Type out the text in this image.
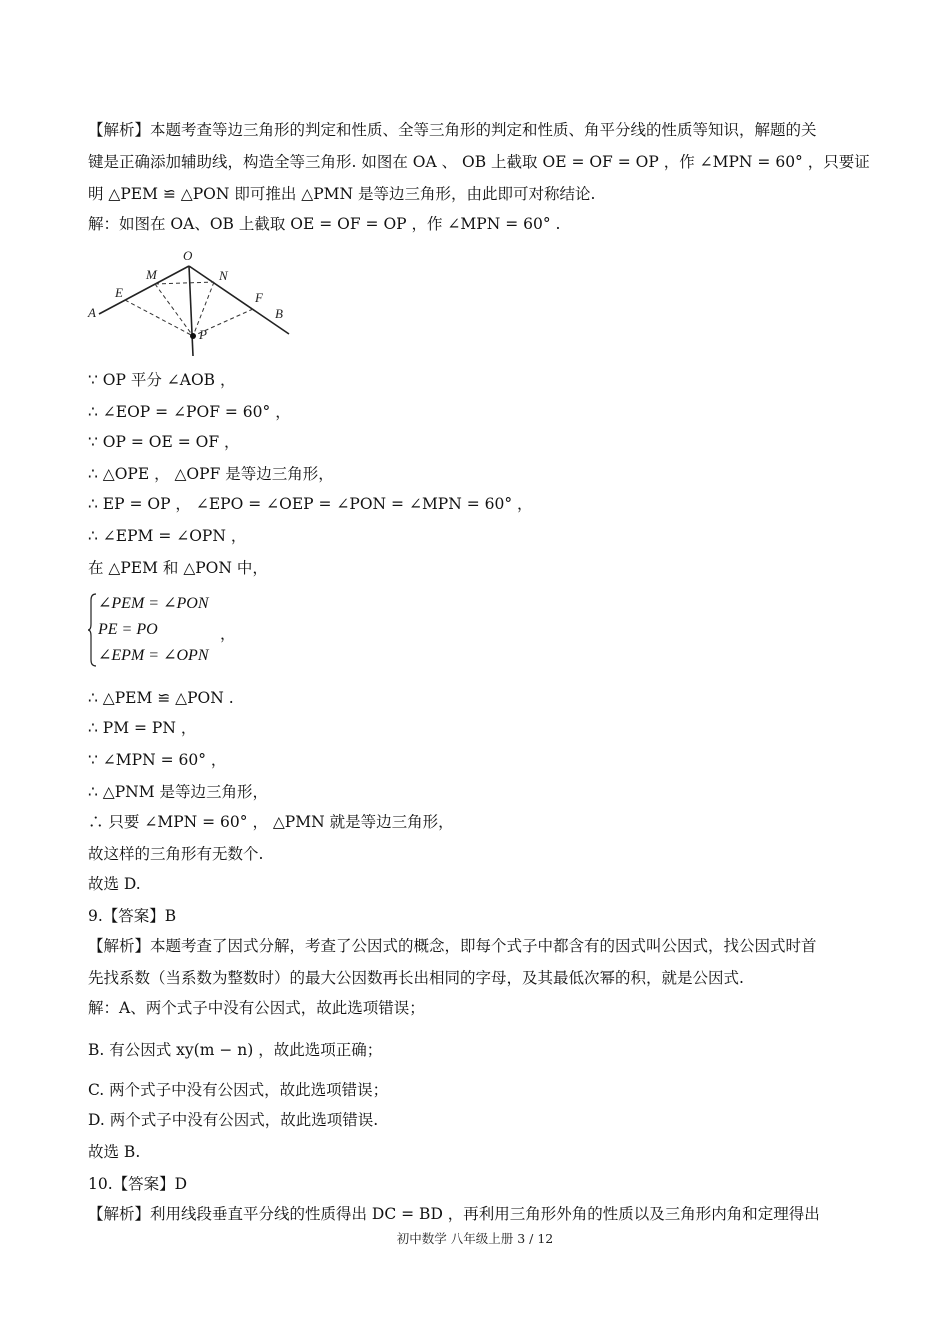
【解析】本题考查等边三角形的判定和性质、全等三角形的判定和性质、角平分线的性质等知识，解题的关
键是正确添加辅助线，构造全等三角形. 如图在 OA 、 OB 上截取 OE = OF = OP ，作 ∠MPN = 60° ，只要证
明 △PEM ≌ △PON 即可推出 △PMN 是等边三角形，由此即可对称结论.
解：如图在 OA、OB 上截取 OE = OF = OP ，作 ∠MPN = 60° .
O
M	N
E	F
A	B
P
∵ OP 平分 ∠AOB ，
∴ ∠EOP = ∠POF = 60° ，
∵ OP = OE = OF ，
∴ △OPE ， △OPF 是等边三角形，
∴ EP = OP ， ∠EPO = ∠OEP = ∠PON = ∠MPN = 60° ，
∴ ∠EPM = ∠OPN ，
在 △PEM 和 △PON 中，
∠PEM = ∠PON
PE = PO
∠EPM = ∠OPN
，
∴ △PEM ≌ △PON .
∴ PM = PN ，
∵ ∠MPN = 60° ，
∴ △PNM 是等边三角形，
∴ 只要 ∠MPN = 60° ， △PMN 就是等边三角形，
故这样的三角形有无数个.
故选 D.
9.【答案】B
【解析】本题考查了因式分解，考查了公因式的概念，即每个式子中都含有的因式叫公因式，找公因式时首
先找系数（当系数为整数时）的最大公因数再长出相同的字母，及其最低次幂的积，就是公因式.
解：A、两个式子中没有公因式，故此选项错误；
B. 有公因式 xy(m − n) ，故此选项正确；
C. 两个式子中没有公因式，故此选项错误；
D. 两个式子中没有公因式，故此选项错误.
故选 B.
10.【答案】D
【解析】利用线段垂直平分线的性质得出 DC = BD ，再利用三角形外角的性质以及三角形内角和定理得出
初中数学 八年级上册 3 / 12
